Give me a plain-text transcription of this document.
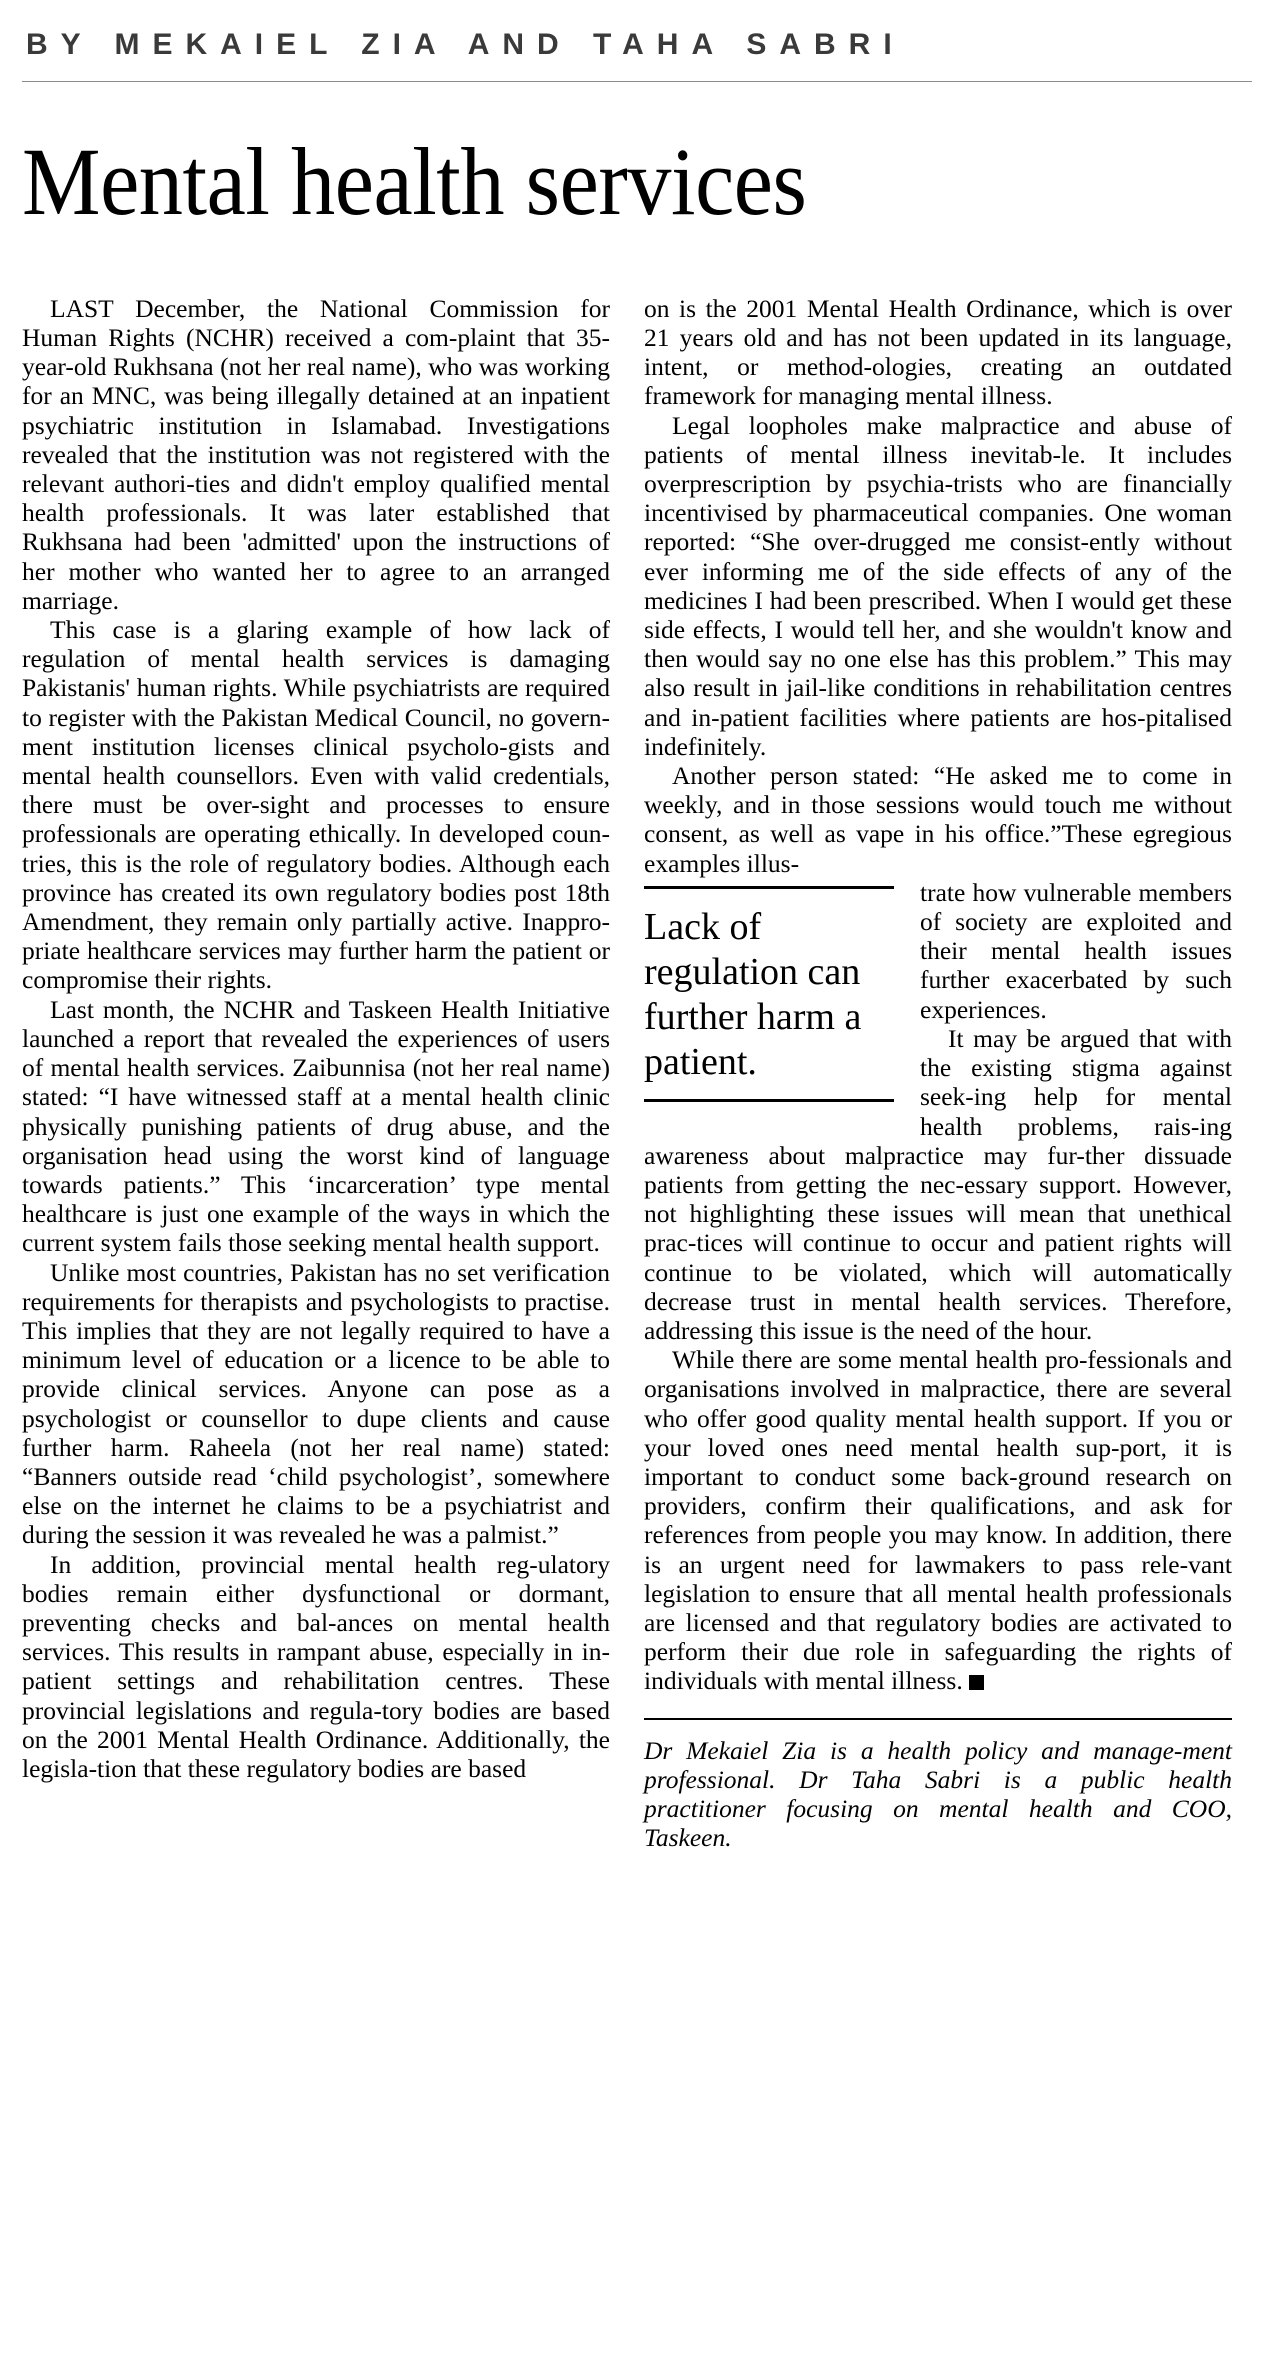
BY MEKAIEL ZIA AND TAHA SABRI
Mental health services

LAST December, the National Commission for Human Rights (NCHR) received a com-plaint that 35-year-old Rukhsana (not her real name), who was working for an MNC, was being illegally detained at an inpatient psychiatric institution in Islamabad. Investigations revealed that the institution was not registered with the relevant authori-ties and didn't employ qualified mental health professionals. It was later established that Rukhsana had been 'admitted' upon the instructions of her mother who wanted her to agree to an arranged marriage.

This case is a glaring example of how lack of regulation of mental health services is damaging Pakistanis' human rights. While psychiatrists are required to register with the Pakistan Medical Council, no govern-ment institution licenses clinical psycholo-gists and mental health counsellors. Even with valid credentials, there must be over-sight and processes to ensure professionals are operating ethically. In developed coun-tries, this is the role of regulatory bodies. Although each province has created its own regulatory bodies post 18th Amendment, they remain only partially active. Inappro-priate healthcare services may further harm the patient or compromise their rights.

Last month, the NCHR and Taskeen Health Initiative launched a report that revealed the experiences of users of mental health services. Zaibunnisa (not her real name) stated: “I have witnessed staff at a mental health clinic physically punishing patients of drug abuse, and the organisation head using the worst kind of language towards patients.” This ‘incarceration’ type mental healthcare is just one example of the ways in which the current system fails those seeking mental health support.

Unlike most countries, Pakistan has no set verification requirements for therapists and psychologists to practise. This implies that they are not legally required to have a minimum level of education or a licence to be able to provide clinical services. Anyone can pose as a psychologist or counsellor to dupe clients and cause further harm. Raheela (not her real name) stated: “Banners outside read ‘child psychologist’, somewhere else on the internet he claims to be a psychiatrist and during the session it was revealed he was a palmist.”

In addition, provincial mental health reg-ulatory bodies remain either dysfunctional or dormant, preventing checks and bal-ances on mental health services. This results in rampant abuse, especially in in-patient settings and rehabilitation centres. These provincial legislations and regula-tory bodies are based on the 2001 Mental Health Ordinance. Additionally, the legisla-tion that these regulatory bodies are based

on is the 2001 Mental Health Ordinance, which is over 21 years old and has not been updated in its language, intent, or method-ologies, creating an outdated framework for managing mental illness.

Legal loopholes make malpractice and abuse of patients of mental illness inevitab-le. It includes overprescription by psychia-trists who are financially incentivised by pharmaceutical companies. One woman reported: “She over-drugged me consist-ently without ever informing me of the side effects of any of the medicines I had been prescribed. When I would get these side effects, I would tell her, and she wouldn't know and then would say no one else has this problem.” This may also result in jail-like conditions in rehabilitation centres and in-patient facilities where patients are hos-pitalised indefinitely.

Another person stated: “He asked me to come in weekly, and in those sessions would touch me without consent, as well as vape in his office.”These egregious examples illus-

Lack of regulation can further harm a patient.

trate how vulnerable members of society are exploited and their mental health issues further exacerbated by such experiences.

It may be argued that with the existing stigma against seek-ing help for mental health problems, rais-ing awareness about malpractice may fur-ther dissuade patients from getting the nec-essary support. However, not highlighting these issues will mean that unethical prac-tices will continue to occur and patient rights will continue to be violated, which will automatically decrease trust in mental health services. Therefore, addressing this issue is the need of the hour.

While there are some mental health pro-fessionals and organisations involved in malpractice, there are several who offer good quality mental health support. If you or your loved ones need mental health sup-port, it is important to conduct some back-ground research on providers, confirm their qualifications, and ask for references from people you may know. In addition, there is an urgent need for lawmakers to pass rele-vant legislation to ensure that all mental health professionals are licensed and that regulatory bodies are activated to perform their due role in safeguarding the rights of individuals with mental illness.

Dr Mekaiel Zia is a health policy and manage-ment professional. Dr Taha Sabri is a public health practitioner focusing on mental health and COO, Taskeen.
